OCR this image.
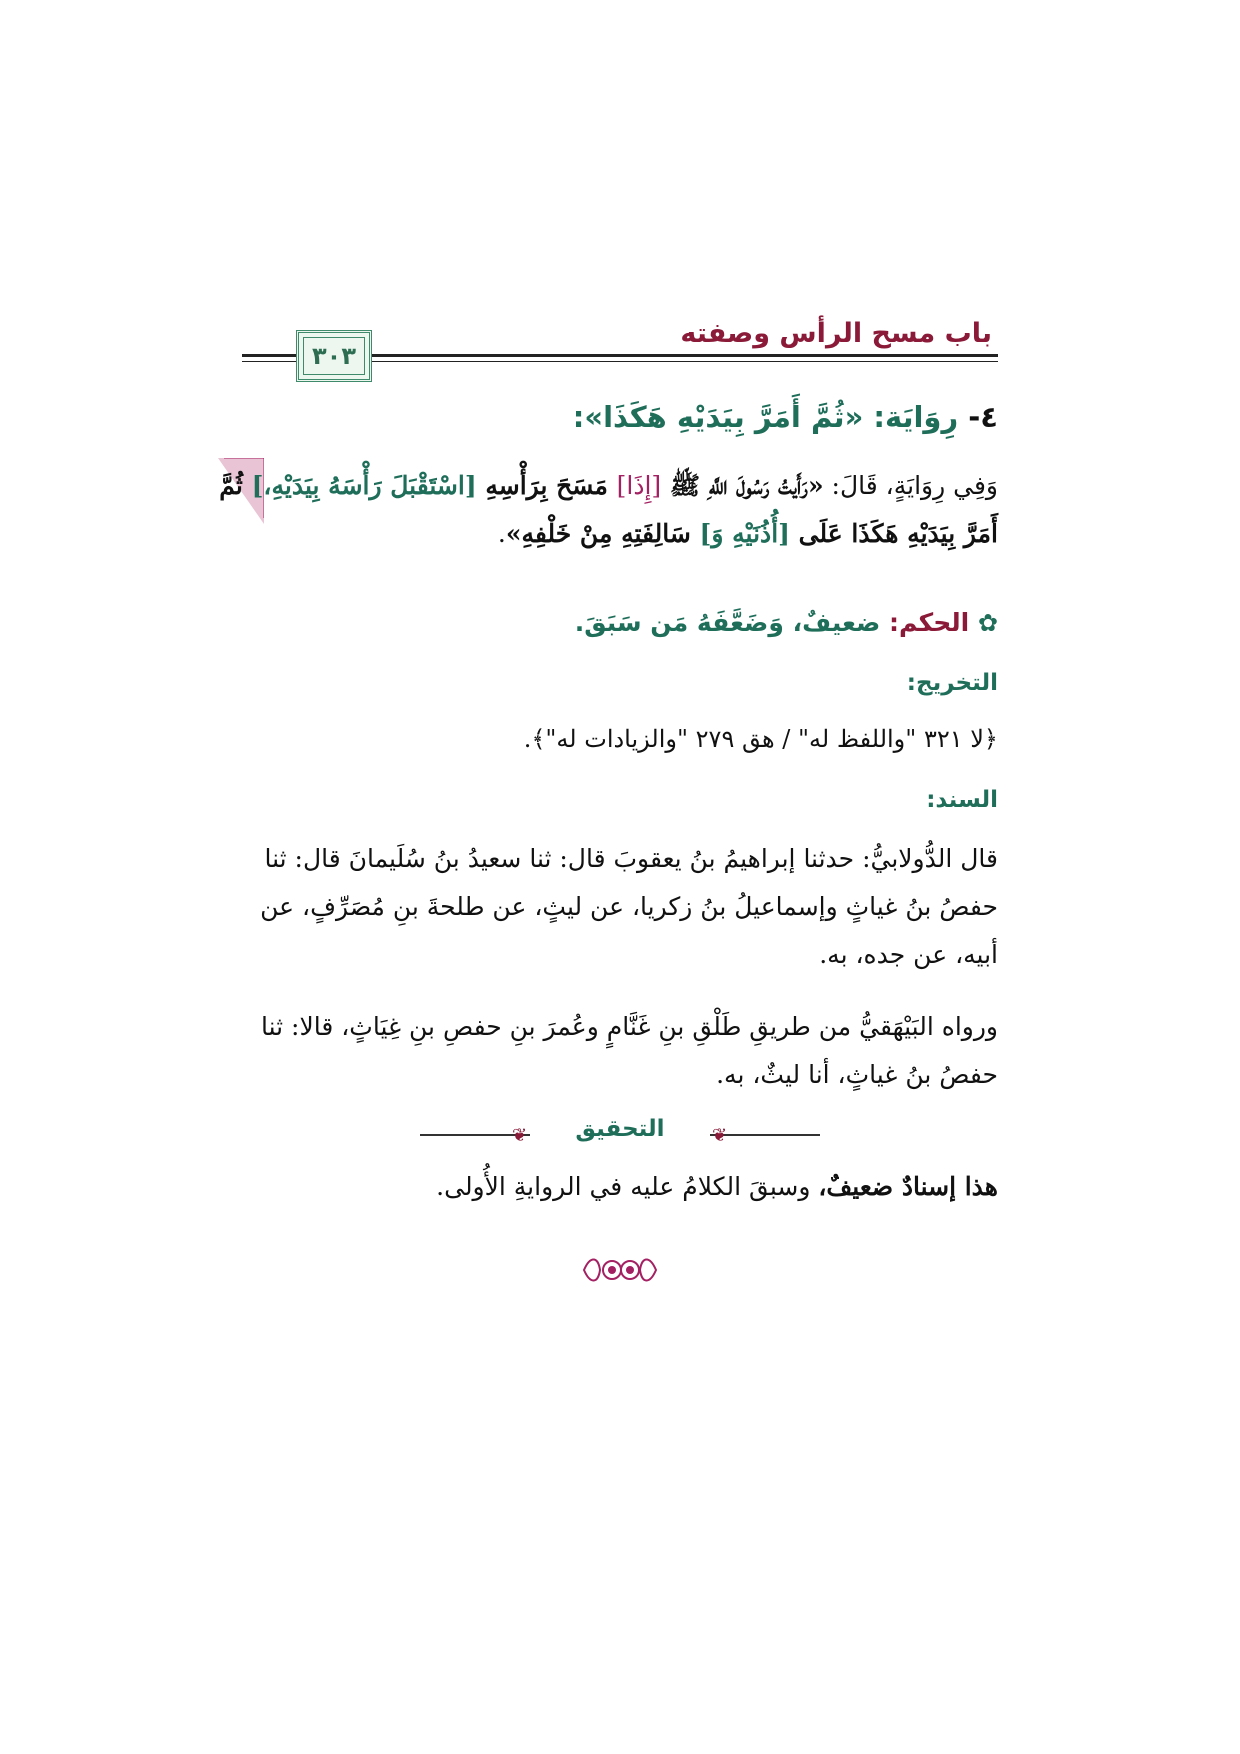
باب مسح الرأس وصفته
٣٠٣
٤- رِوَايَة: «ثُمَّ أَمَرَّ بِيَدَيْهِ هَكَذَا»:
وَفِي رِوَايَةٍ، قَالَ: «رَأَيتُ رَسُولَ اللَّهِ ﷺ [إِذَا] مَسَحَ بِرَأْسِهِ [اسْتَقْبَلَ رَأْسَهُ بِيَدَيْهِ،] ثُمَّ أَمَرَّ بِيَدَيْهِ هَكَذَا عَلَى [أُذُنَيْهِ وَ] سَالِفَتِهِ مِنْ خَلْفِهِ».
✿ الحكم: ضعيفٌ، وَضَعَّفَهُ مَن سَبَقَ.
التخريج:
﴿لا ٣٢١ "واللفظ له" / هق ٢٧٩ "والزيادات له"﴾.
السند:
قال الدُّولابيُّ: حدثنا إبراهيمُ بنُ يعقوبَ قال: ثنا سعيدُ بنُ سُلَيمانَ قال: ثنا حفصُ بنُ غياثٍ وإسماعيلُ بنُ زكريا، عن ليثٍ، عن طلحةَ بنِ مُصَرِّفٍ، عن أبيه، عن جده، به.
ورواه البَيْهَقيُّ من طريقِ طَلْقِ بنِ غَنَّامٍ وعُمرَ بنِ حفصِ بنِ غِيَاثٍ، قالا: ثنا حفصُ بنُ غياثٍ، أنا ليثٌ، به.
❦	❦
التحقيق
هذا إسنادٌ ضعيفٌ، وسبقَ الكلامُ عليه في الروايةِ الأُولى.
